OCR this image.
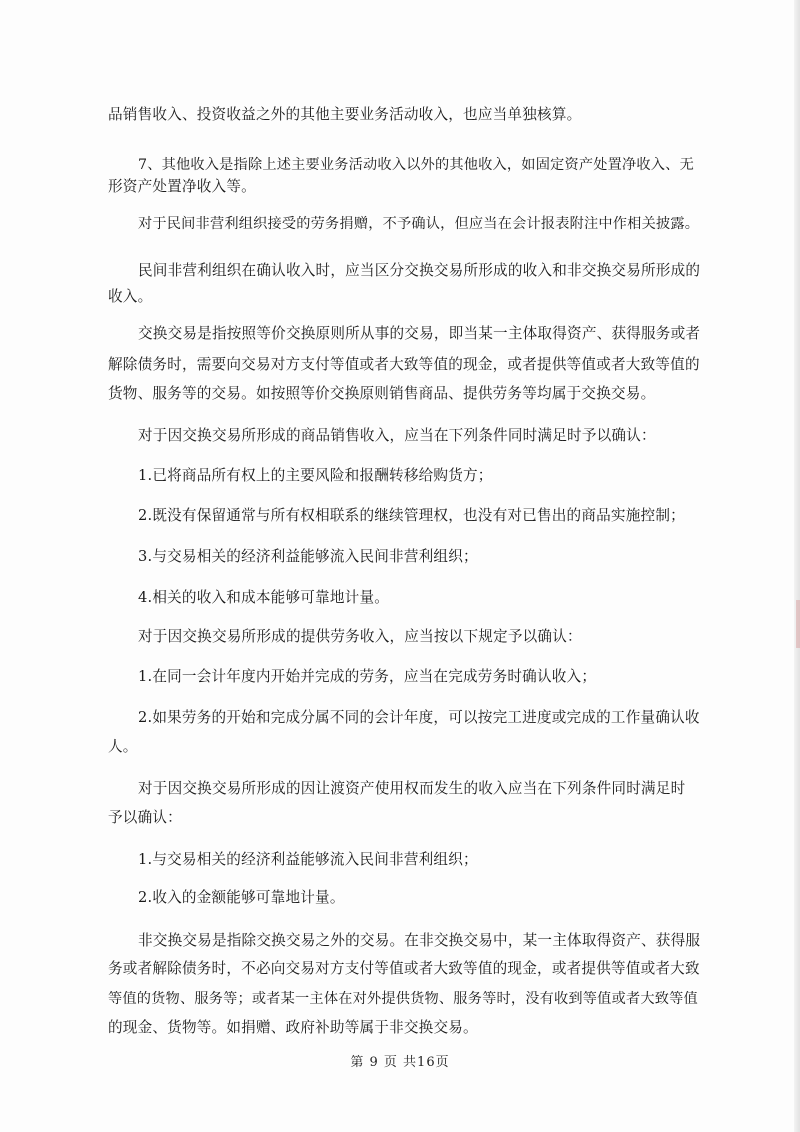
品销售收入、投资收益之外的其他主要业务活动收入，也应当单独核算。
7、其他收入是指除上述主要业务活动收入以外的其他收入，如固定资产处置净收入、无
形资产处置净收入等。
对于民间非营利组织接受的劳务捐赠，不予确认，但应当在会计报表附注中作相关披露。
民间非营利组织在确认收入时，应当区分交换交易所形成的收入和非交换交易所形成的
收入。
交换交易是指按照等价交换原则所从事的交易，即当某一主体取得资产、获得服务或者
解除债务时，需要向交易对方支付等值或者大致等值的现金，或者提供等值或者大致等值的
货物、服务等的交易。如按照等价交换原则销售商品、提供劳务等均属于交换交易。
对于因交换交易所形成的商品销售收入，应当在下列条件同时满足时予以确认：
1.已将商品所有权上的主要风险和报酬转移给购货方；
2.既没有保留通常与所有权相联系的继续管理权，也没有对已售出的商品实施控制；
3.与交易相关的经济利益能够流入民间非营利组织；
4.相关的收入和成本能够可靠地计量。
对于因交换交易所形成的提供劳务收入，应当按以下规定予以确认：
1.在同一会计年度内开始并完成的劳务，应当在完成劳务时确认收入；
2.如果劳务的开始和完成分属不同的会计年度，可以按完工进度或完成的工作量确认收
人。
对于因交换交易所形成的因让渡资产使用权而发生的收入应当在下列条件同时满足时
予以确认：
1.与交易相关的经济利益能够流入民间非营利组织；
2.收入的金额能够可靠地计量。
非交换交易是指除交换交易之外的交易。在非交换交易中，某一主体取得资产、获得服
务或者解除债务时，不必向交易对方支付等值或者大致等值的现金，或者提供等值或者大致
等值的货物、服务等；或者某一主体在对外提供货物、服务等时，没有收到等值或者大致等值
的现金、货物等。如捐赠、政府补助等属于非交换交易。
第 9 页 共16页
